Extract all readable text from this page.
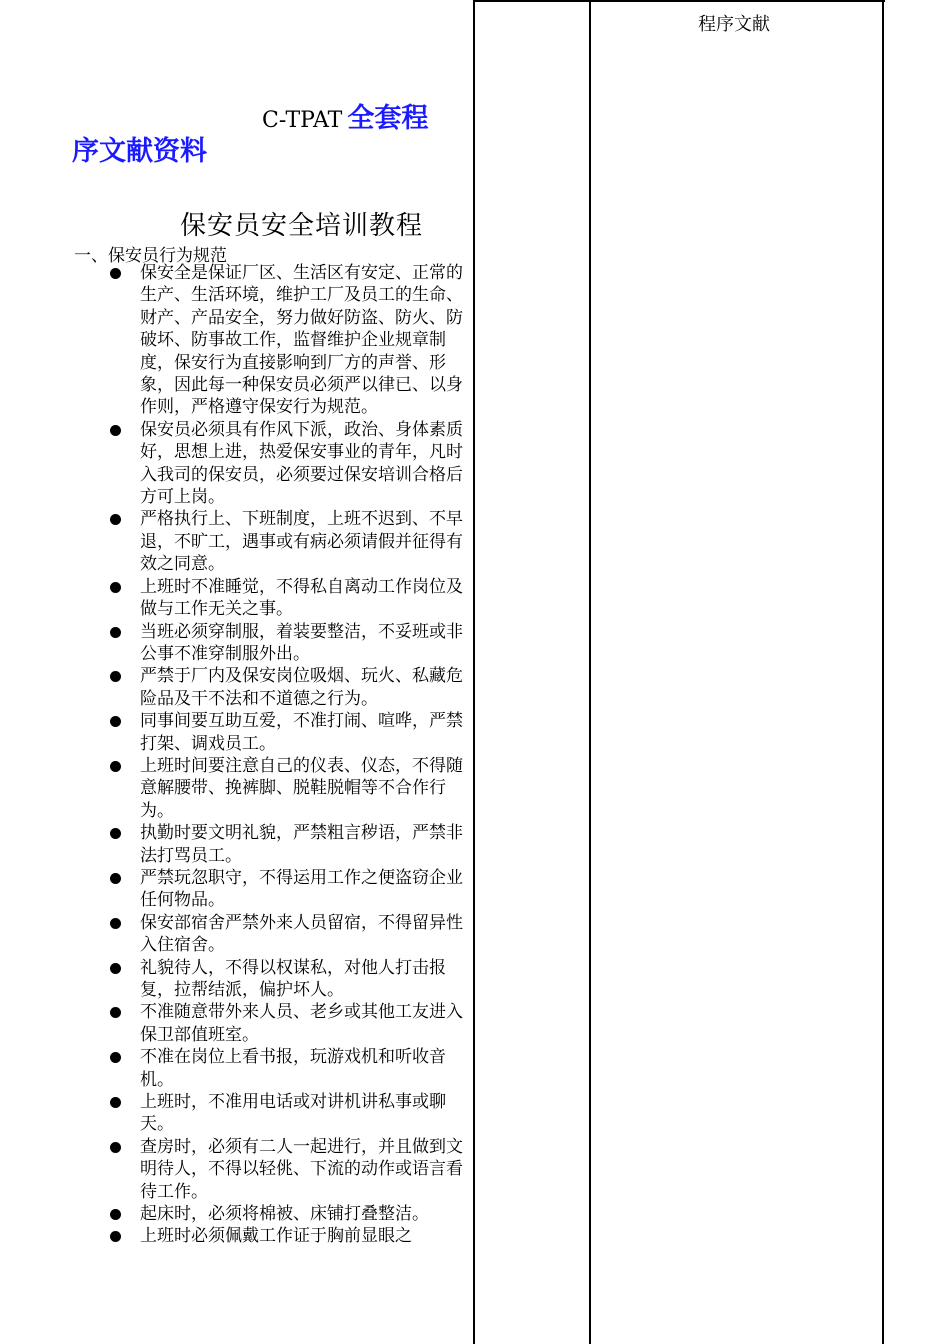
程序文献
C-TPAT 全套程序文献资料
保安员安全培训教程
一、保安员行为规范
保安全是保证厂区、生活区有安定、正常的生产、生活环境，维护工厂及员工的生命、财产、产品安全，努力做好防盗、防火、防破坏、防事故工作，监督维护企业规章制度，保安行为直接影响到厂方的声誉、形象，因此每一种保安员必须严以律已、以身作则，严格遵守保安行为规范。
保安员必须具有作风下派，政治、身体素质好，思想上进，热爱保安事业的青年，凡时入我司的保安员，必须要过保安培训合格后方可上岗。
严格执行上、下班制度，上班不迟到、不早退，不旷工，遇事或有病必须请假并征得有效之同意。
上班时不准睡觉，不得私自离动工作岗位及做与工作无关之事。
当班必须穿制服，着装要整洁，不妥班或非公事不准穿制服外出。
严禁于厂内及保安岗位吸烟、玩火、私藏危险品及干不法和不道德之行为。
同事间要互助互爱，不准打闹、喧哗，严禁打架、调戏员工。
上班时间要注意自己的仪表、仪态，不得随意解腰带、挽裤脚、脱鞋脱帽等不合作行为。
执勤时要文明礼貌，严禁粗言秽语，严禁非法打骂员工。
严禁玩忽职守，不得运用工作之便盗窃企业任何物品。
保安部宿舍严禁外来人员留宿，不得留异性入住宿舍。
礼貌待人，不得以权谋私，对他人打击报复，拉帮结派，偏护坏人。
不准随意带外来人员、老乡或其他工友进入保卫部值班室。
不准在岗位上看书报，玩游戏机和听收音机。
上班时，不准用电话或对讲机讲私事或聊天。
查房时，必须有二人一起进行，并且做到文明待人，不得以轻佻、下流的动作或语言看待工作。
起床时，必须将棉被、床铺打叠整洁。
上班时必须佩戴工作证于胸前显眼之
